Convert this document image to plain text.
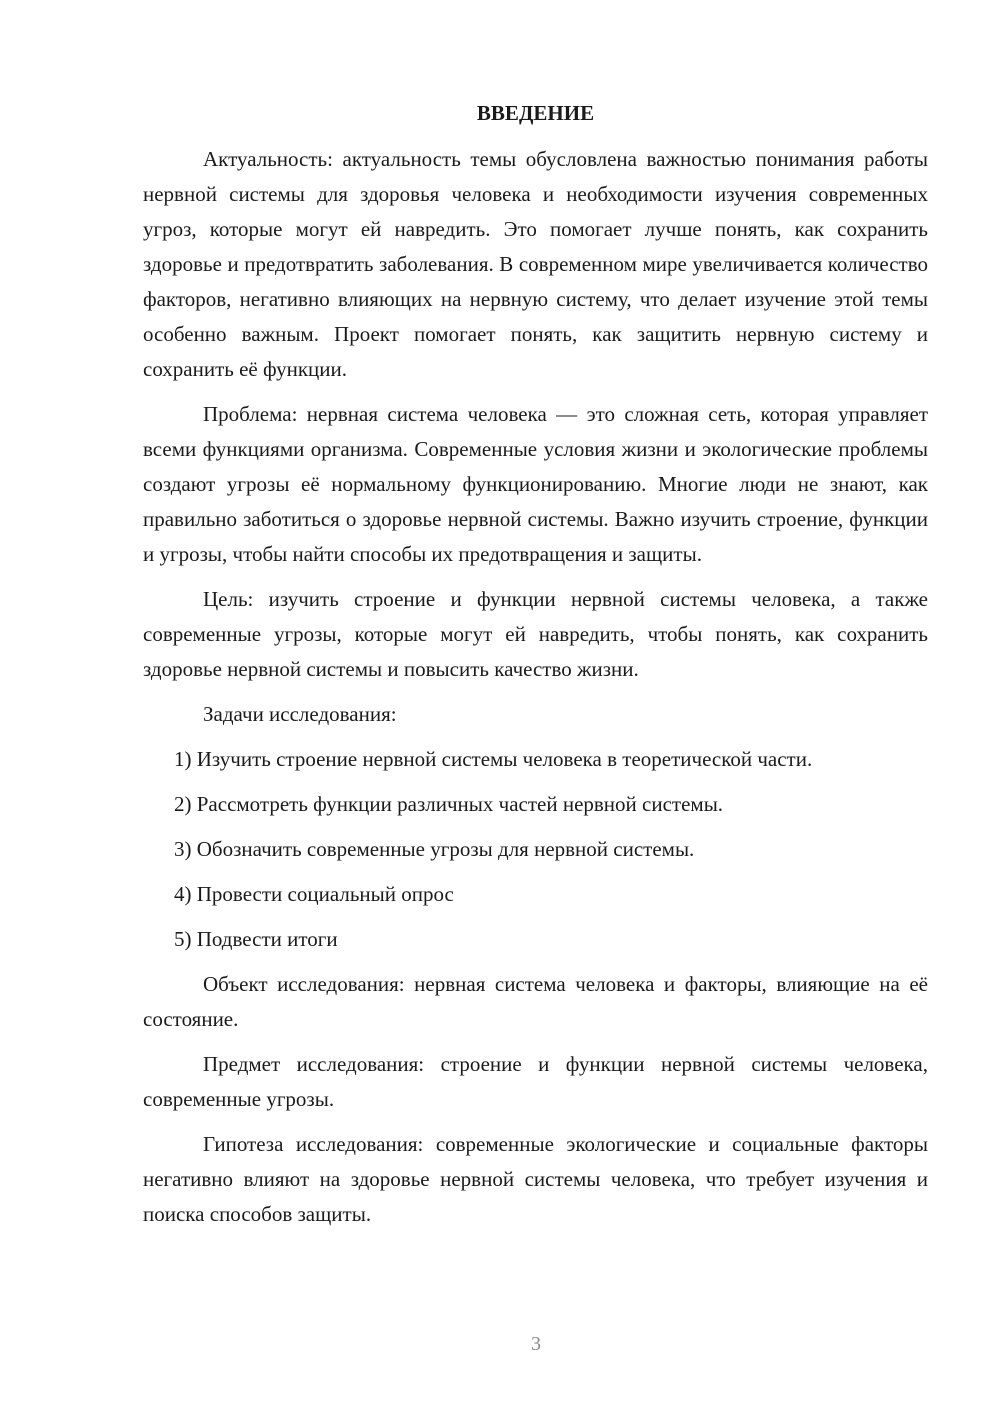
ВВЕДЕНИЕ

Актуальность: актуальность темы обусловлена важностью понимания работы нервной системы для здоровья человека и необходимости изучения современных угроз, которые могут ей навредить. Это помогает лучше понять, как сохранить здоровье и предотвратить заболевания. В современном мире увеличивается количество факторов, негативно влияющих на нервную систему, что делает изучение этой темы особенно важным. Проект помогает понять, как защитить нервную систему и сохранить её функции.

Проблема: нервная система человека — это сложная сеть, которая управляет всеми функциями организма. Современные условия жизни и экологические проблемы создают угрозы её нормальному функционированию. Многие люди не знают, как правильно заботиться о здоровье нервной системы. Важно изучить строение, функции и угрозы, чтобы найти способы их предотвращения и защиты.

Цель: изучить строение и функции нервной системы человека, а также современные угрозы, которые могут ей навредить, чтобы понять, как сохранить здоровье нервной системы и повысить качество жизни.

Задачи исследования:

1) Изучить строение нервной системы человека в теоретической части.
2) Рассмотреть функции различных частей нервной системы.
3) Обозначить современные угрозы для нервной системы.
4) Провести социальный опрос
5) Подвести итоги

Объект исследования: нервная система человека и факторы, влияющие на её состояние.

Предмет исследования: строение и функции нервной системы человека, современные угрозы.

Гипотеза исследования: современные экологические и социальные факторы негативно влияют на здоровье нервной системы человека, что требует изучения и поиска способов защиты.

3
